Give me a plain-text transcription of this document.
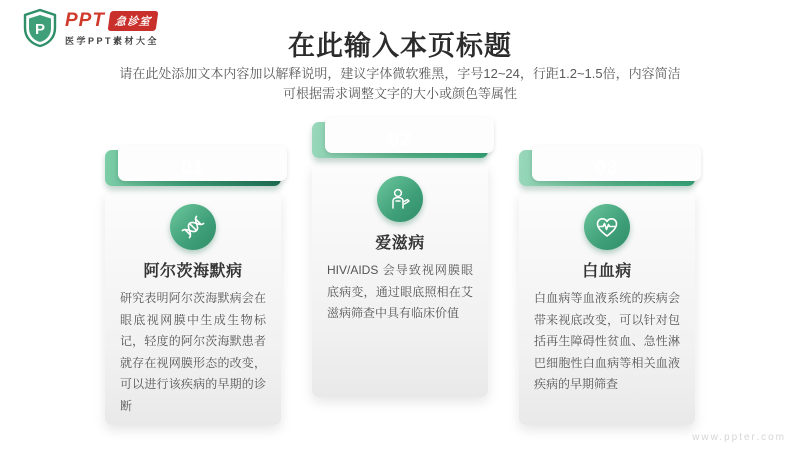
P PPT 急诊室
医学PPT素材大全	在此输入本页标题
请在此处添加文本内容加以解释说明，建议字体微软雅黑，字号12~24，行距1.2~1.5倍，内容简洁
可根据需求调整文字的大小或颜色等属性
01
阿尔茨海默病
研究表明阿尔茨海默病会在眼底视网膜中生成生物标记，轻度的阿尔茨海默患者就存在视网膜形态的改变，可以进行该疾病的早期的诊断
02
爱滋病
HIV/AIDS 会导致视网膜眼底病变，通过眼底照相在艾滋病筛查中具有临床价值
03
白血病
白血病等血液系统的疾病会带来视底改变，可以针对包括再生障碍性贫血、急性淋巴细胞性白血病等相关血液疾病的早期筛查
www.ppter.com
